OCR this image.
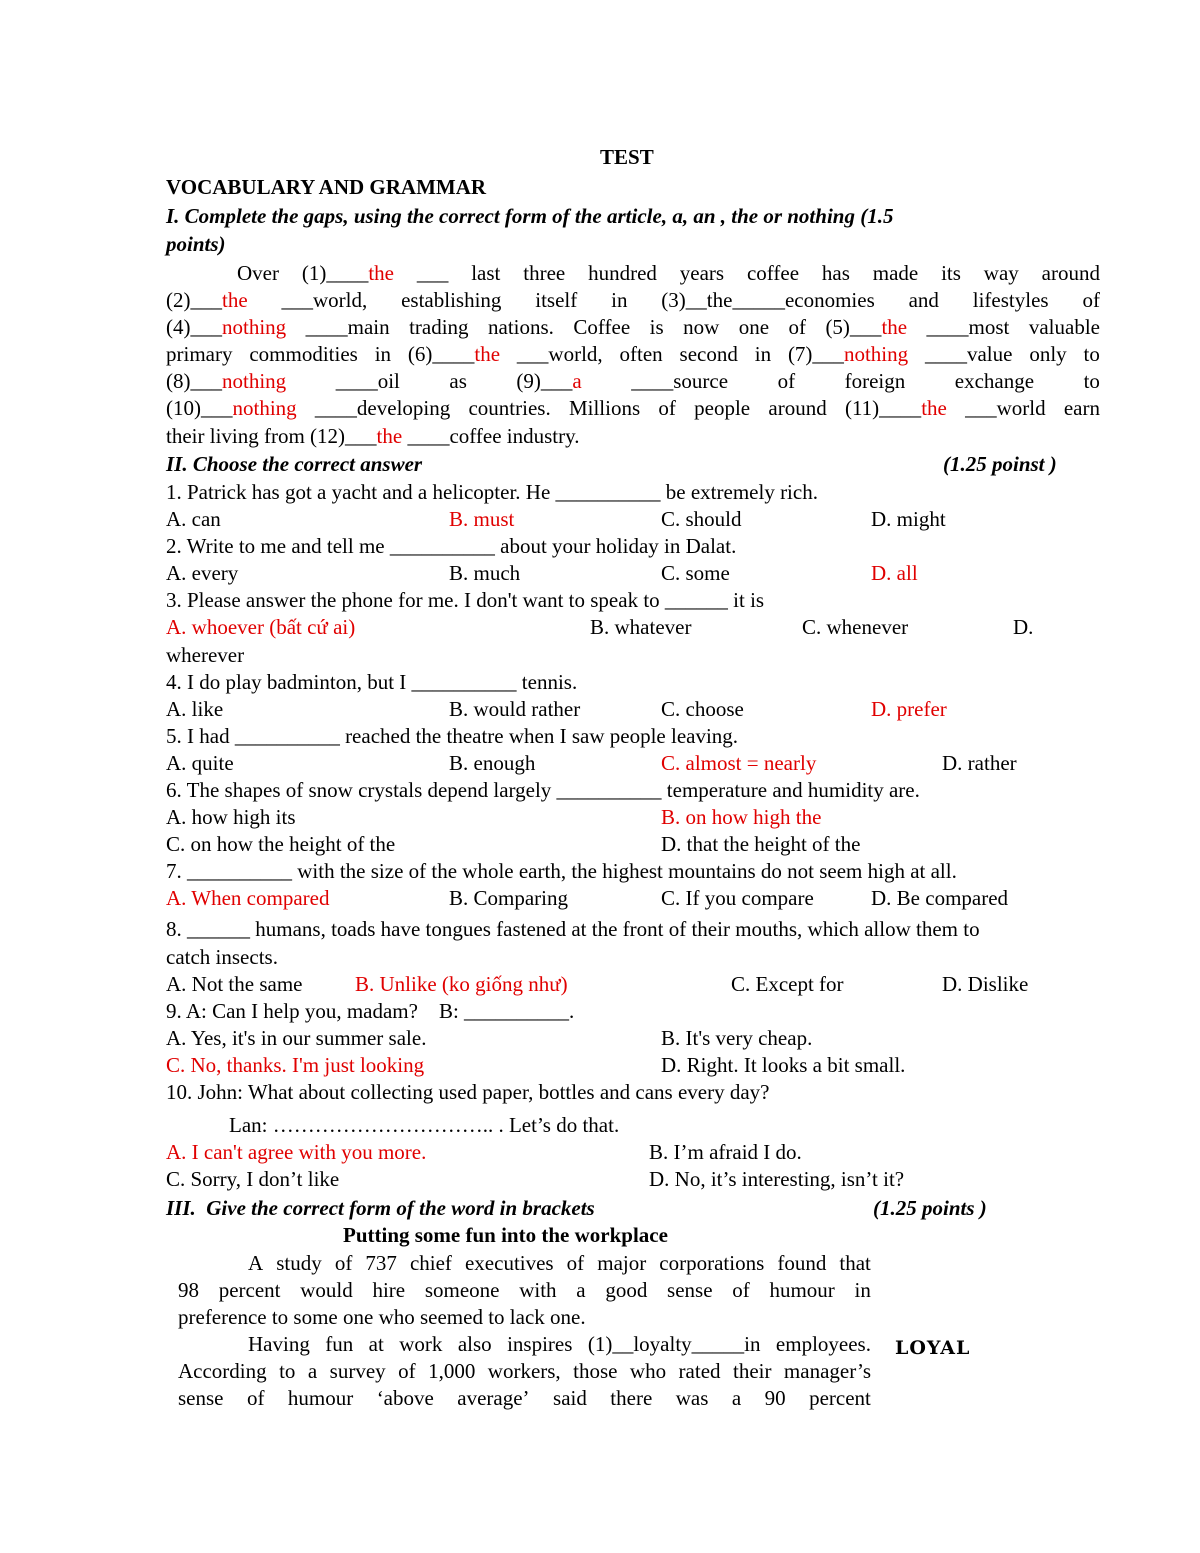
TEST
VOCABULARY AND GRAMMAR
I. Complete the gaps, using the correct form of the article, a, an , the or nothing (1.5
points)
Over (1)____the ___ last three hundred years coffee has made its way around
(2)___the ___world, establishing itself in (3)__the_____economies and lifestyles of
(4)___nothing ____main trading nations. Coffee is now one of (5)___the ____most valuable
primary commodities in (6)____the ___world, often second in (7)___nothing ____value only to
(8)___nothing ____oil as (9)___a ____source of foreign exchange to
(10)___nothing ____developing countries. Millions of people around (11)____the ___world earn
their living from (12)___the ____coffee industry.
II. Choose the correct answer	(1.25 poinst )
1. Patrick has got a yacht and a helicopter. He __________ be extremely rich.
A. can	B. must	C. should	D. might
2. Write to me and tell me __________ about your holiday in Dalat.
A. every	B. much	C. some	D. all
3. Please answer the phone for me. I don't want to speak to ______ it is
A. whoever (bất cứ ai)	B. whatever	C. whenever	D.
wherever
4. I do play badminton, but I __________ tennis.
A. like	B. would rather	C. choose	D. prefer
5. I had __________ reached the theatre when I saw people leaving.
A. quite	B. enough	C. almost = nearly	D. rather
6. The shapes of snow crystals depend largely __________ temperature and humidity are.
A. how high its	B. on how high the
C. on how the height of the	D. that the height of the
7. __________ with the size of the whole earth, the highest mountains do not seem high at all.
A. When compared	B. Comparing	C. If you compare	D. Be compared
8. ______ humans, toads have tongues fastened at the front of their mouths, which allow them to
catch insects.
A. Not the same	B. Unlike (ko giống như)	C. Except for	D. Dislike
9. A: Can I help you, madam?    B: __________.
A. Yes, it's in our summer sale.	B. It's very cheap.
C. No, thanks. I'm just looking	D. Right. It looks a bit small.
10. John: What about collecting used paper, bottles and cans every day?
Lan: ………………………….. . Let’s do that.
A. I can't agree with you more.	B. I’m afraid I do.
C. Sorry, I don’t like	D. No, it’s interesting, isn’t it?
III.  Give the correct form of the word in brackets	(1.25 points )
Putting some fun into the workplace
A study of 737 chief executives of major corporations found that
98 percent would hire someone with a good sense of humour in
preference to some one who seemed to lack one.
Having fun at work also inspires (1)__loyalty_____in employees.
According to a survey of 1,000 workers, those who rated their manager’s
sense of humour ‘above average’ said there was a 90 percent
LOYAL
